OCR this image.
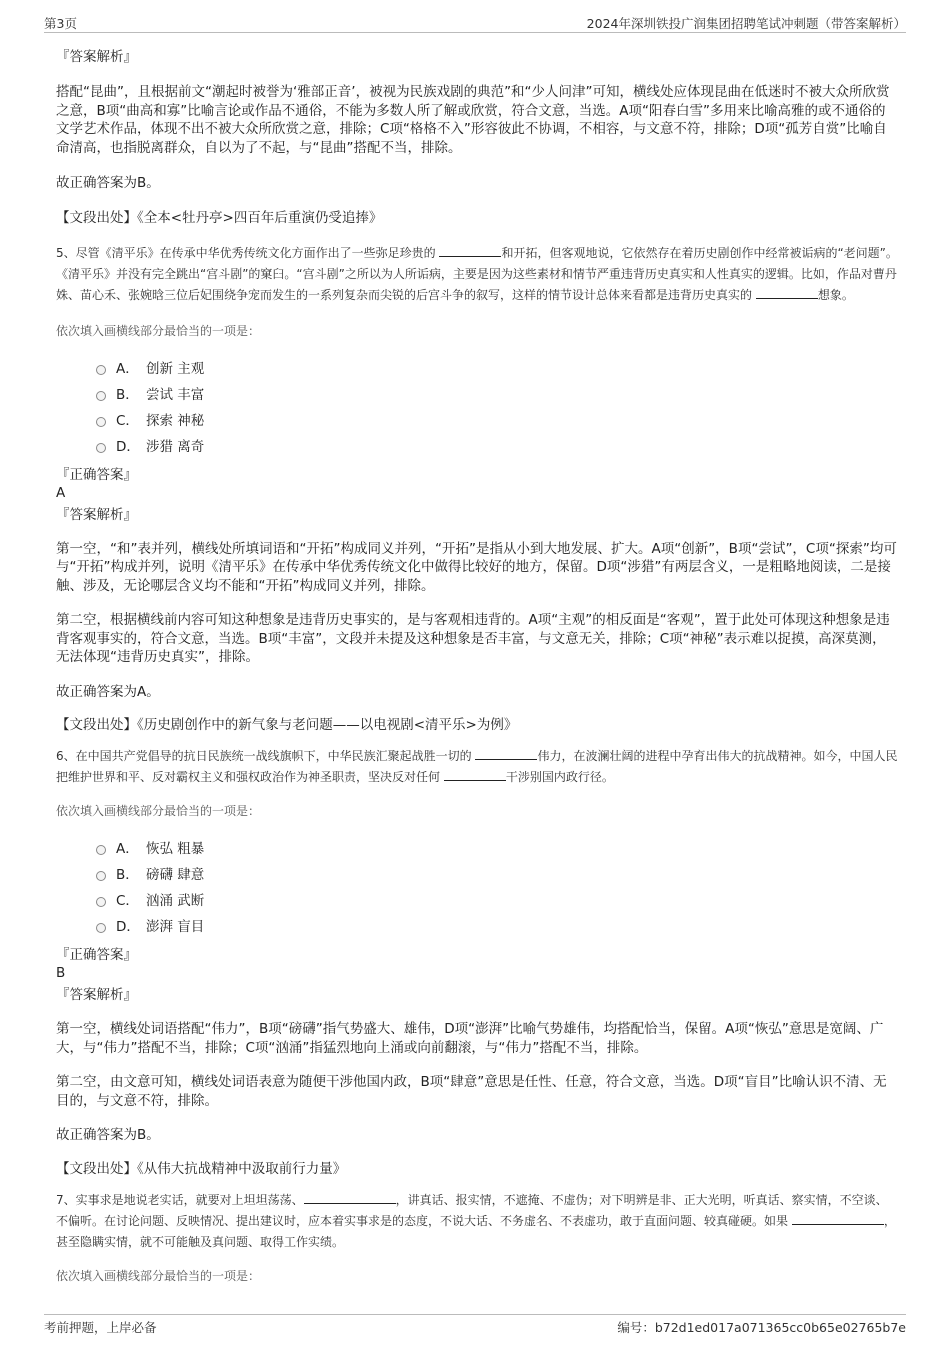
第3页	2024年深圳铁投广润集团招聘笔试冲刺题（带答案解析）

『答案解析』

搭配“昆曲”，且根据前文“潮起时被誉为‘雅部正音’，被视为民族戏剧的典范”和“少人问津”可知，横线处应体现昆曲在低迷时不被大众所欣赏之意，B项“曲高和寡”比喻言论或作品不通俗，不能为多数人所了解或欣赏，符合文意，当选。A项“阳春白雪”多用来比喻高雅的或不通俗的文学艺术作品，体现不出不被大众所欣赏之意，排除；C项“格格不入”形容彼此不协调，不相容，与文意不符，排除；D项“孤芳自赏”比喻自命清高，也指脱离群众，自以为了不起，与“昆曲”搭配不当，排除。

故正确答案为B。

【文段出处】《全本<牡丹亭>四百年后重演仍受追捧》

5、尽管《清平乐》在传承中华优秀传统文化方面作出了一些弥足珍贵的	和开拓，但客观地说，它依然存在着历史剧创作中经常被诟病的“老问题”。《清平乐》并没有完全跳出“宫斗剧”的窠臼。“宫斗剧”之所以为人所诟病，主要是因为这些素材和情节严重违背历史真实和人性真实的逻辑。比如，作品对曹丹姝、苗心禾、张婉晗三位后妃围绕争宠而发生的一系列复杂而尖锐的后宫斗争的叙写，这样的情节设计总体来看都是违背历史真实的	想象。

依次填入画横线部分最恰当的一项是：

A． 创新 主观
B． 尝试 丰富
C． 探索 神秘
D． 涉猎 离奇

『正确答案』

A

『答案解析』

第一空，“和”表并列，横线处所填词语和“开拓”构成同义并列，“开拓”是指从小到大地发展、扩大。A项“创新”，B项“尝试”，C项“探索”均可与“开拓”构成并列，说明《清平乐》在传承中华优秀传统文化中做得比较好的地方，保留。D项“涉猎”有两层含义，一是粗略地阅读，二是接触、涉及，无论哪层含义均不能和“开拓”构成同义并列，排除。

第二空，根据横线前内容可知这种想象是违背历史事实的，是与客观相违背的。A项“主观”的相反面是“客观”，置于此处可体现这种想象是违背客观事实的，符合文意，当选。B项“丰富”，文段并未提及这种想象是否丰富，与文意无关，排除；C项“神秘”表示难以捉摸，高深莫测，无法体现“违背历史真实”，排除。

故正确答案为A。

【文段出处】《历史剧创作中的新气象与老问题——以电视剧<清平乐>为例》

6、在中国共产党倡导的抗日民族统一战线旗帜下，中华民族汇聚起战胜一切的	伟力，在波澜壮阔的进程中孕育出伟大的抗战精神。如今，中国人民把维护世界和平、反对霸权主义和强权政治作为神圣职责，坚决反对任何	干涉别国内政行径。

依次填入画横线部分最恰当的一项是：

A． 恢弘 粗暴
B． 磅礴 肆意
C． 汹涌 武断
D． 澎湃 盲目

『正确答案』

B

『答案解析』

第一空，横线处词语搭配“伟力”，B项“磅礴”指气势盛大、雄伟，D项“澎湃”比喻气势雄伟，均搭配恰当，保留。A项“恢弘”意思是宽阔、广大，与“伟力”搭配不当，排除；C项“汹涌”指猛烈地向上涌或向前翻滚，与“伟力”搭配不当，排除。

第二空，由文意可知，横线处词语表意为随便干涉他国内政，B项“肆意”意思是任性、任意，符合文意，当选。D项“盲目”比喻认识不清、无目的，与文意不符，排除。

故正确答案为B。

【文段出处】《从伟大抗战精神中汲取前行力量》

7、实事求是地说老实话，就要对上坦坦荡荡、	，讲真话、报实情，不遮掩、不虚伪；对下明辨是非、正大光明，听真话、察实情，不空谈、不偏听。在讨论问题、反映情况、提出建议时，应本着实事求是的态度，不说大话、不务虚名、不表虚功，敢于直面问题、较真碰硬。如果	，甚至隐瞒实情，就不可能触及真问题、取得工作实绩。

依次填入画横线部分最恰当的一项是：

考前押题，上岸必备	编号：b72d1ed017a071365cc0b65e02765b7e
